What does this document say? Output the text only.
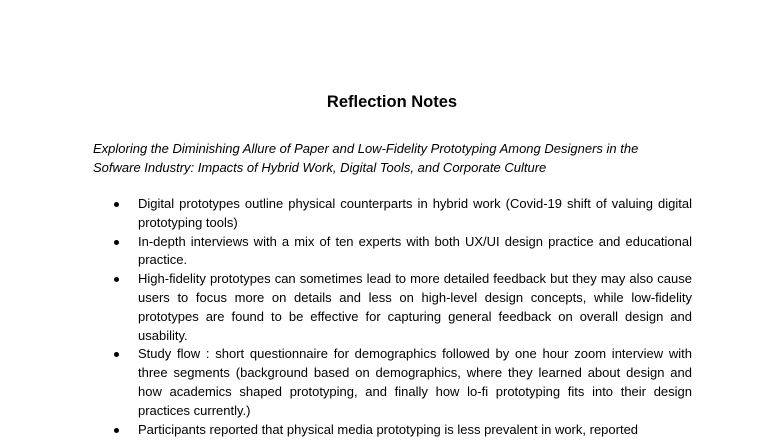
Reflection Notes

Exploring the Diminishing Allure of Paper and Low-Fidelity Prototyping Among Designers in the
Sofware Industry: Impacts of Hybrid Work, Digital Tools, and Corporate Culture

Digital prototypes outline physical counterparts in hybrid work (Covid-19 shift of valuing digital prototyping tools)
In-depth interviews with a mix of ten experts with both UX/UI design practice and educational practice.
High-fidelity prototypes can sometimes lead to more detailed feedback but they may also cause users to focus more on details and less on high-level design concepts, while low-fidelity prototypes are found to be effective for capturing general feedback on overall design and usability.
Study flow : short questionnaire for demographics followed by one hour zoom interview with three segments (background based on demographics, where they learned about design and how academics shaped prototyping, and finally how lo-fi prototyping fits into their design practices currently.)
Participants reported that physical media prototyping is less prevalent in work, reported
